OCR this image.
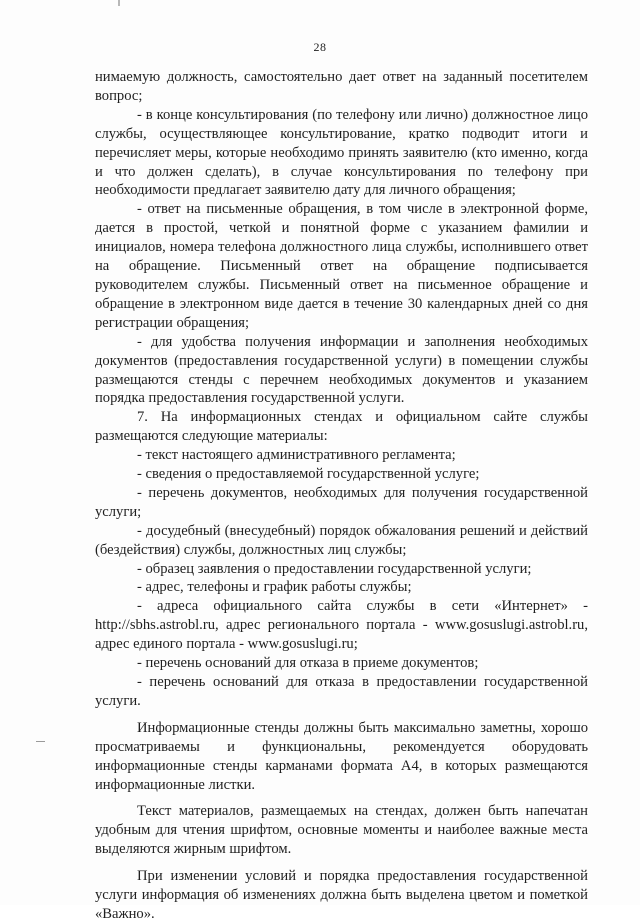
28

нимаемую должность, самостоятельно дает ответ на заданный посетителем вопрос;

- в конце консультирования (по телефону или лично) должностное лицо службы, осуществляющее консультирование, кратко подводит итоги и перечисляет меры, которые необходимо принять заявителю (кто именно, когда и что должен сделать), в случае консультирования по телефону при необходимости предлагает заявителю дату для личного обращения;

- ответ на письменные обращения, в том числе в электронной форме, дается в простой, четкой и понятной форме с указанием фамилии и инициалов, номера телефона должностного лица службы, исполнившего ответ на обращение. Письменный ответ на обращение подписывается руководителем службы. Письменный ответ на письменное обращение и обращение в электронном виде дается в течение 30 календарных дней со дня регистрации обращения;

- для удобства получения информации и заполнения необходимых документов (предоставления государственной услуги) в помещении службы размещаются стенды с перечнем необходимых документов и указанием порядка предоставления государственной услуги.

7. На информационных стендах и официальном сайте службы размещаются следующие материалы:

- текст настоящего административного регламента;

- сведения о предоставляемой государственной услуге;

- перечень документов, необходимых для получения государственной услуги;

- досудебный (внесудебный) порядок обжалования решений и действий (бездействия) службы, должностных лиц службы;

- образец заявления о предоставлении государственной услуги;

- адрес, телефоны и график работы службы;

- адреса официального сайта службы в сети «Интернет» - http://sbhs.astrobl.ru, адрес регионального портала - www.gosuslugi.astrobl.ru, адрес единого портала - www.gosuslugi.ru;

- перечень оснований для отказа в приеме документов;

- перечень оснований для отказа в предоставлении государственной услуги.

Информационные стенды должны быть максимально заметны, хорошо просматриваемы и функциональны, рекомендуется оборудовать информационные стенды карманами формата А4, в которых размещаются информационные листки.

Текст материалов, размещаемых на стендах, должен быть напечатан удобным для чтения шрифтом, основные моменты и наиболее важные места выделяются жирным шрифтом.

При изменении условий и порядка предоставления государственной услуги информация об изменениях должна быть выделена цветом и пометкой «Важно».
